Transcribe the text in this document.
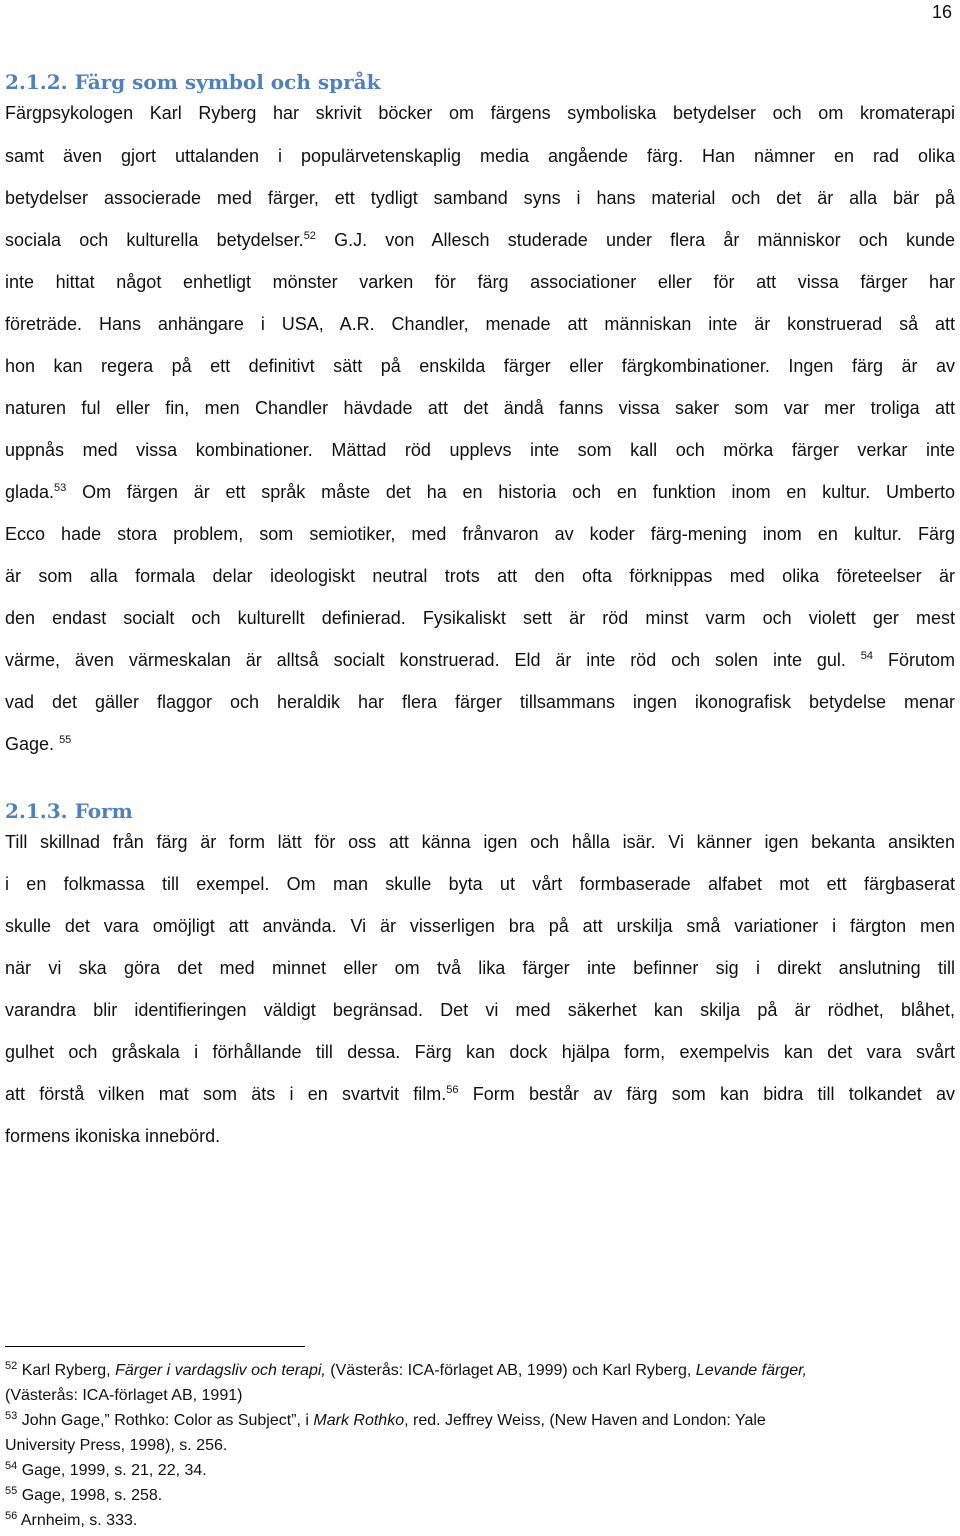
16
2.1.2. Färg som symbol och språk
Färgpsykologen Karl Ryberg har skrivit böcker om färgens symboliska betydelser och om kromaterapi
samt även gjort uttalanden i populärvetenskaplig media angående färg. Han nämner en rad olika
betydelser associerade med färger, ett tydligt samband syns i hans material och det är alla bär på
sociala och kulturella betydelser.$^{52}$ G.J. von Allesch studerade under flera år människor och kunde
inte hittat något enhetligt mönster varken för färg associationer eller för att vissa färger har
företräde. Hans anhängare i USA, A.R. Chandler, menade att människan inte är konstruerad så att
hon kan regera på ett definitivt sätt på enskilda färger eller färgkombinationer. Ingen färg är av
naturen ful eller fin, men Chandler hävdade att det ändå fanns vissa saker som var mer troliga att
uppnås med vissa kombinationer. Mättad röd upplevs inte som kall och mörka färger verkar inte
glada.$^{53}$ Om färgen är ett språk måste det ha en historia och en funktion inom en kultur. Umberto
Ecco hade stora problem, som semiotiker, med frånvaron av koder färg-mening inom en kultur. Färg
är som alla formala delar ideologiskt neutral trots att den ofta förknippas med olika företeelser är
den endast socialt och kulturellt definierad. Fysikaliskt sett är röd minst varm och violett ger mest
värme, även värmeskalan är alltså socialt konstruerad. Eld är inte röd och solen inte gul. $^{54}$ Förutom
vad det gäller flaggor och heraldik har flera färger tillsammans ingen ikonografisk betydelse menar
Gage. $^{55}$
2.1.3. Form
Till skillnad från färg är form lätt för oss att känna igen och hålla isär. Vi känner igen bekanta ansikten
i en folkmassa till exempel. Om man skulle byta ut vårt formbaserade alfabet mot ett färgbaserat
skulle det vara omöjligt att använda. Vi är visserligen bra på att urskilja små variationer i färgton men
när vi ska göra det med minnet eller om två lika färger inte befinner sig i direkt anslutning till
varandra blir identifieringen väldigt begränsad. Det vi med säkerhet kan skilja på är rödhet, blåhet,
gulhet och gråskala i förhållande till dessa. Färg kan dock hjälpa form, exempelvis kan det vara svårt
att förstå vilken mat som äts i en svartvit film.$^{56}$ Form består av färg som kan bidra till tolkandet av
formens ikoniska innebörd.
$^{52}$ Karl Ryberg, Färger i vardagsliv och terapi, (Västerås: ICA-förlaget AB, 1999) och Karl Ryberg, Levande färger,
(Västerås: ICA-förlaget AB, 1991)
$^{53}$ John Gage,” Rothko: Color as Subject”, i Mark Rothko, red. Jeffrey Weiss, (New Haven and London: Yale
University Press, 1998), s. 256.
$^{54}$ Gage, 1999, s. 21, 22, 34.
$^{55}$ Gage, 1998, s. 258.
$^{56}$ Arnheim, s. 333.
